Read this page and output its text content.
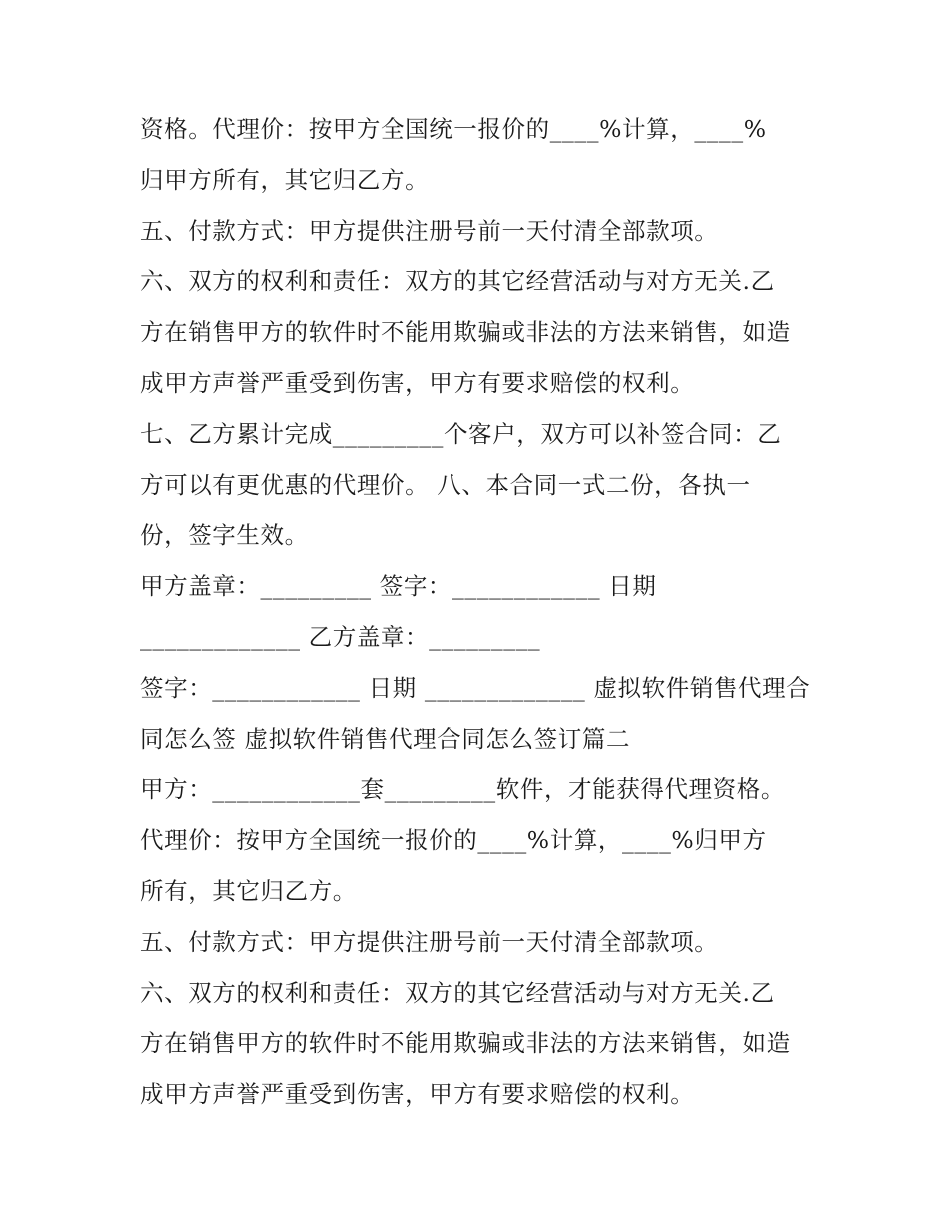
资格。代理价：按甲方全国统一报价的____%计算，____%
归甲方所有，其它归乙方。
五、付款方式：甲方提供注册号前一天付清全部款项。
六、双方的权利和责任：双方的其它经营活动与对方无关.乙
方在销售甲方的软件时不能用欺骗或非法的方法来销售，如造
成甲方声誉严重受到伤害，甲方有要求赔偿的权利。
七、乙方累计完成_________个客户，双方可以补签合同：乙
方可以有更优惠的代理价。 八、本合同一式二份，各执一
份，签字生效。
甲方盖章：_________ 签字：____________ 日期
_____________ 乙方盖章：_________
签字：____________ 日期 _____________ 虚拟软件销售代理合
同怎么签 虚拟软件销售代理合同怎么签订篇二
甲方：____________套_________软件，才能获得代理资格。
代理价：按甲方全国统一报价的____%计算，____%归甲方
所有，其它归乙方。
五、付款方式：甲方提供注册号前一天付清全部款项。
六、双方的权利和责任：双方的其它经营活动与对方无关.乙
方在销售甲方的软件时不能用欺骗或非法的方法来销售，如造
成甲方声誉严重受到伤害，甲方有要求赔偿的权利。
